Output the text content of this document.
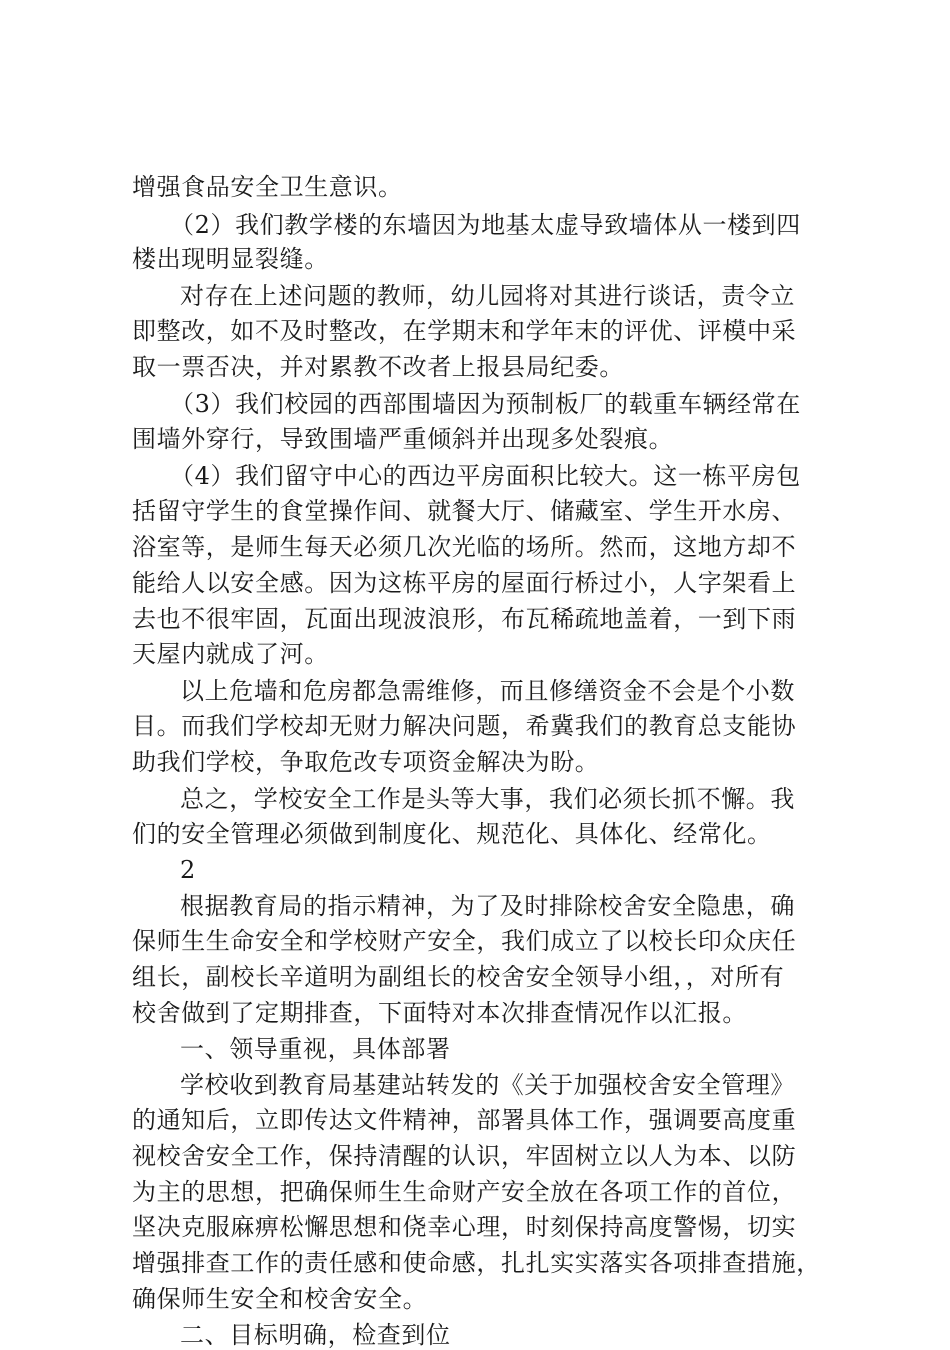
增强食品安全卫生意识。
（2）我们教学楼的东墙因为地基太虚导致墙体从一楼到四
楼出现明显裂缝。
对存在上述问题的教师，幼儿园将对其进行谈话，责令立
即整改，如不及时整改，在学期末和学年末的评优、评模中采
取一票否决，并对累教不改者上报县局纪委。
（3）我们校园的西部围墙因为预制板厂的载重车辆经常在
围墙外穿行，导致围墙严重倾斜并出现多处裂痕。
（4）我们留守中心的西边平房面积比较大。这一栋平房包
括留守学生的食堂操作间、就餐大厅、储藏室、学生开水房、
浴室等，是师生每天必须几次光临的场所。然而，这地方却不
能给人以安全感。因为这栋平房的屋面行桥过小，人字架看上
去也不很牢固，瓦面出现波浪形，布瓦稀疏地盖着，一到下雨
天屋内就成了河。
以上危墙和危房都急需维修，而且修缮资金不会是个小数
目。而我们学校却无财力解决问题，希冀我们的教育总支能协
助我们学校，争取危改专项资金解决为盼。
总之，学校安全工作是头等大事，我们必须长抓不懈。我
们的安全管理必须做到制度化、规范化、具体化、经常化。
2
根据教育局的指示精神，为了及时排除校舍安全隐患，确
保师生生命安全和学校财产安全，我们成立了以校长印众庆任
组长，副校长辛道明为副组长的校舍安全领导小组，，对所有
校舍做到了定期排查，下面特对本次排查情况作以汇报。
一、领导重视，具体部署
学校收到教育局基建站转发的《关于加强校舍安全管理》
的通知后，立即传达文件精神，部署具体工作，强调要高度重
视校舍安全工作，保持清醒的认识，牢固树立以人为本、以防
为主的思想，把确保师生生命财产安全放在各项工作的首位，
坚决克服麻痹松懈思想和侥幸心理，时刻保持高度警惕，切实
增强排查工作的责任感和使命感，扎扎实实落实各项排查措施，
确保师生安全和校舍安全。
二、目标明确，检查到位
